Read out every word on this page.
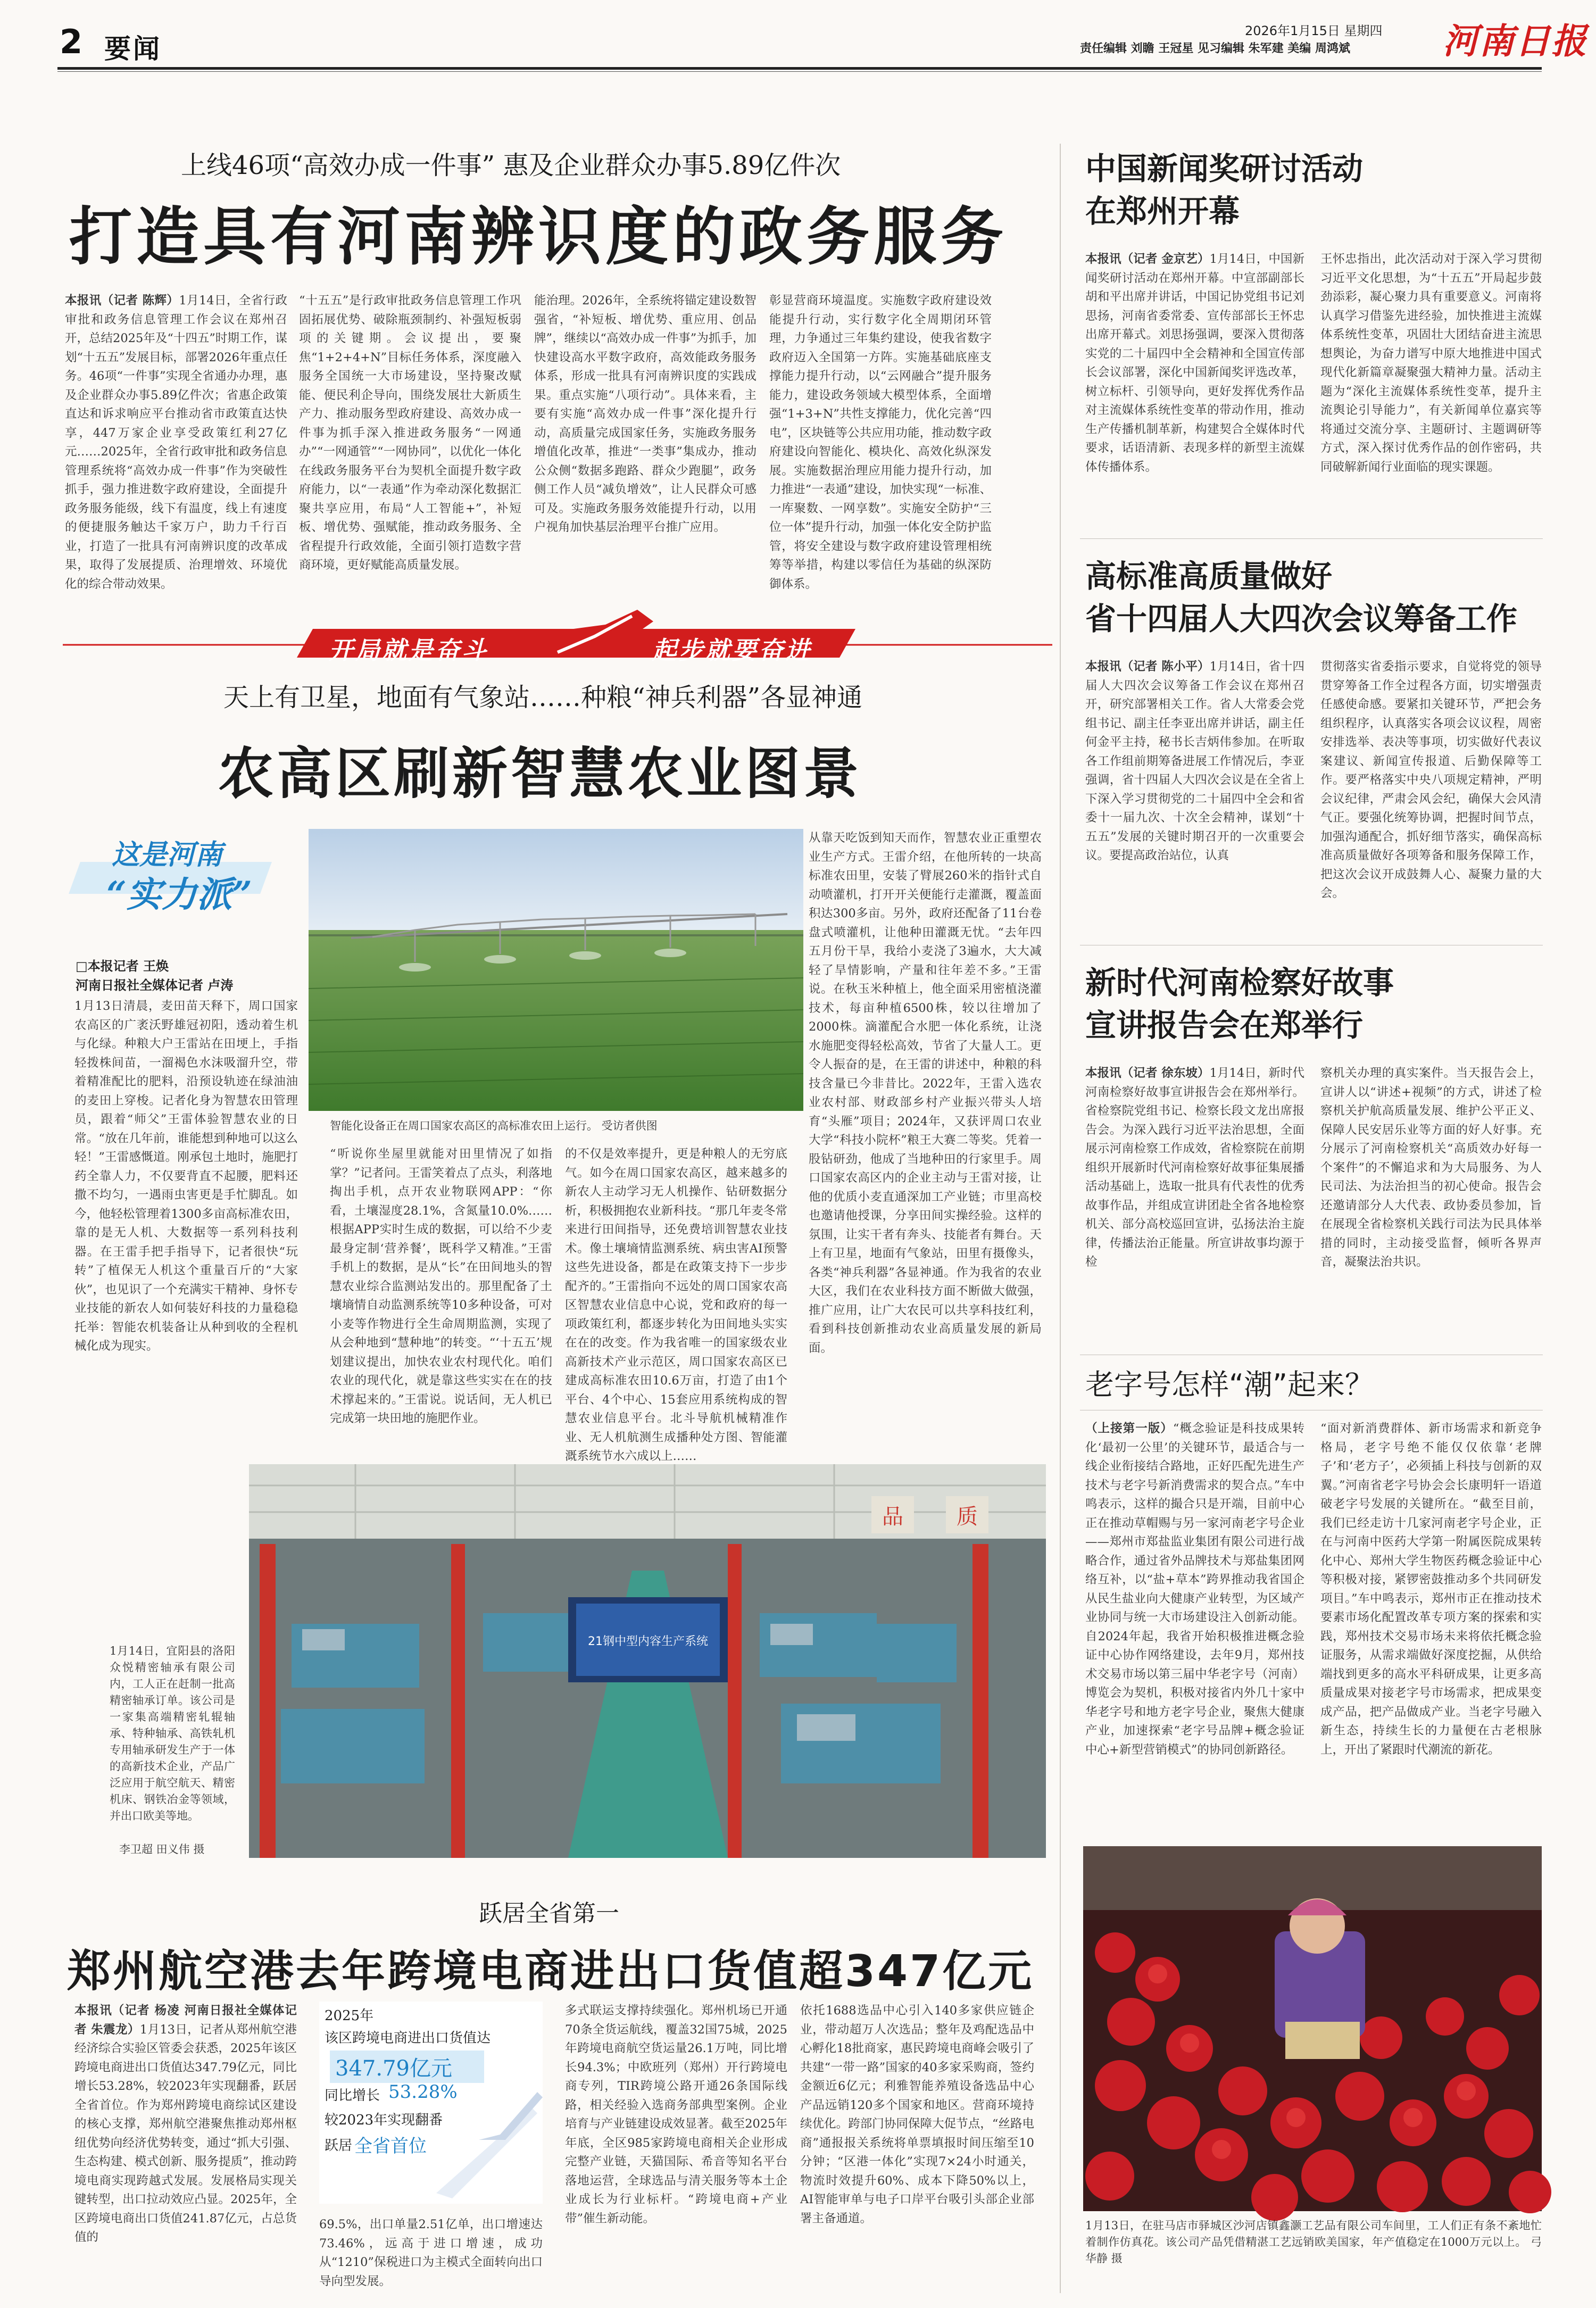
2 要闻
2026年1月15日 星期四
责任编辑 刘瞻 王冠星 见习编辑 朱军建 美编 周鸿斌	河南日报
上线46项“高效办成一件事” 惠及企业群众办事5.89亿件次
打造具有河南辨识度的政务服务
本报讯（记者 陈辉）1月14日，全省行政审批和政务信息管理工作会议在郑州召开，总结2025年及“十四五”时期工作，谋划“十五五”发展目标，部署2026年重点任务。46项“一件事”实现全省通办办理，惠及企业群众办事5.89亿件次；省惠企政策直达和诉求响应平台推动省市政策直达快享，447万家企业享受政策红利27亿元……2025年，全省行政审批和政务信息管理系统将“高效办成一件事”作为突破性抓手，强力推进数字政府建设，全面提升政务服务能级，线下有温度，线上有速度的便捷服务触达千家万户，助力千行百业，打造了一批具有河南辨识度的改革成果，取得了发展提质、治理增效、环境优化的综合带动效果。
“十五五”是行政审批政务信息管理工作巩固拓展优势、破除瓶颈制约、补强短板弱项的关键期。会议提出，要聚焦“1+2+4+N”目标任务体系，深度融入服务全国统一大市场建设，坚持聚改赋能、便民利企导向，围绕发展壮大新质生产力、推动服务型政府建设、高效办成一件事为抓手深入推进政务服务“一网通办”“一网通管”“一网协同”，以优化一体化在线政务服务平台为契机全面提升数字政府能力，以“一表通”作为牵动深化数据汇聚共享应用，布局“人工智能+”，补短板、增优势、强赋能，推动政务服务、全省程提升行政效能，全面引领打造数字营商环境，更好赋能高质量发展。
能治理。2026年，全系统将锚定建设数智强省，“补短板、增优势、重应用、创品牌”，继续以“高效办成一件事”为抓手，加快建设高水平数字政府，高效能政务服务体系，形成一批具有河南辨识度的实践成果。重点实施“八项行动”。具体来看，主要有实施“高效办成一件事”深化提升行动，高质量完成国家任务，实施政务服务增值化改革，推进“一类事”集成办，推动公众侧“数据多跑路、群众少跑腿”，政务侧工作人员“减负增效”，让人民群众可感可及。实施政务服务效能提升行动，以用户视角加快基层治理平台推广应用。
彰显营商环境温度。实施数字政府建设效能提升行动，实行数字化全周期闭环管理，力争通过三年集约建设，使我省数字政府迈入全国第一方阵。实施基础底座支撑能力提升行动，以“云网融合”提升服务能力，建设政务领域大模型体系，全面增强“1+3+N”共性支撑能力，优化完善“四电”，区块链等公共应用功能，推动数字政府建设向智能化、模块化、高效化纵深发展。实施数据治理应用能力提升行动，加力推进“一表通”建设，加快实现“一标准、一库聚数、一网享数”。实施安全防护“三位一体”提升行动，加强一体化安全防护监管，将安全建设与数字政府建设管理相统筹等举措，构建以零信任为基础的纵深防御体系。
开局就是奋斗	起步就要奋进
天上有卫星，地面有气象站……种粮“神兵利器”各显神通
农高区刷新智慧农业图景
这是河南
“实力派”
□本报记者 王焕
河南日报社全媒体记者 卢涛
智能化设备正在周口国家农高区的高标准农田上运行。 受访者供图
1月13日清晨，麦田苗天释下，周口国家农高区的广袤沃野雄冠初阳，透动着生机与化绿。种粮大户王雷站在田埂上，手指轻拨株间苗，一溜褐色水沫吸溜升空，带着精准配比的肥料，沿预设轨迹在绿油油的麦田上穿梭。记者化身为智慧农田管理员，跟着“师父”王雷体验智慧农业的日常。“放在几年前，谁能想到种地可以这么轻！”王雷感慨道。刚承包土地时，施肥打药全靠人力，不仅要背直不起腰，肥料还撒不均匀，一遇雨虫害更是手忙脚乱。如今，他轻松管理着1300多亩高标准农田，靠的是无人机、大数据等一系列科技利器。在王雷手把手指导下，记者很快“玩转”了植保无人机这个重量百斤的“大家伙”，也见识了一个充满实干精神、身怀专业技能的新农人如何装好科技的力量稳稳托举：智能农机装备让从种到收的全程机械化成为现实。
“听说你坐屋里就能对田里情况了如指掌？”记者问。王雷笑着点了点头，利落地掏出手机，点开农业物联网APP：“你看，土壤湿度28.1%，含氮量10.0%……根据APP实时生成的数据，可以给不少麦最身定制‘营养餐’，既科学又精准。”王雷手机上的数据，是从“长”在田间地头的智慧农业综合监测站发出的。那里配备了土壤墒情自动监测系统等10多种设备，可对小麦等作物进行全生命周期监测，实现了从会种地到“慧种地”的转变。“‘十五五’规划建议提出，加快农业农村现代化。咱们农业的现代化，就是靠这些实实在在的技术撑起来的。”王雷说。说话间，无人机已完成第一块田地的施肥作业。
的不仅是效率提升，更是种粮人的无穷底气。如今在周口国家农高区，越来越多的新农人主动学习无人机操作、钻研数据分析，积极拥抱农业新科技。“那几年麦冬常来进行田间指导，还免费培训智慧农业技术。像土壤墒情监测系统、病虫害AI预警这些先进设备，都是在政策支持下一步步配齐的。”王雷指向不远处的周口国家农高区智慧农业信息中心说，党和政府的每一项政策红利，都逐步转化为田间地头实实在在的改变。作为我省唯一的国家级农业高新技术产业示范区，周口国家农高区已建成高标准农田10.6万亩，打造了由1个平台、4个中心、15套应用系统构成的智慧农业信息平台。北斗导航机械精准作业、无人机航测生成播种处方图、智能灌溉系统节水六成以上……
从靠天吃饭到知天而作，智慧农业正重塑农业生产方式。王雷介绍，在他所转的一块高标准农田里，安装了臂展260米的指针式自动喷灌机，打开开关便能行走灌溉，覆盖面积达300多亩。另外，政府还配备了11台卷盘式喷灌机，让他种田灌溉无忧。“去年四五月份干旱，我给小麦浇了3遍水，大大减轻了旱情影响，产量和往年差不多。”王雷说。在秋玉米种植上，他全面采用密植浇灌技术，每亩种植6500株，较以往增加了2000株。滴灌配合水肥一体化系统，让浇水施肥变得轻松高效，节省了大量人工。更令人振奋的是，在王雷的讲述中，种粮的科技含量已今非昔比。2022年，王雷入选农业农村部、财政部乡村产业振兴带头人培育“头雁”项目；2024年，又获评周口农业大学“科技小院杯”粮王大赛二等奖。凭着一股钻研劲，他成了当地种田的行家里手。周口国家农高区内的企业主动与王雷对接，让他的优质小麦直通深加工产业链；市里高校也邀请他授课，分享田间实操经验。这样的氛围，让实干者有奔头、技能者有舞台。天上有卫星，地面有气象站，田里有摄像头，各类“神兵利器”各显神通。作为我省的农业大区，我们在农业科技方面不断做大做强，推广应用，让广大农民可以共享科技红利，看到科技创新推动农业高质量发展的新局面。
21钢中型内容生产系统
品	质
1月14日，宜阳县的洛阳众悦精密轴承有限公司内，工人正在赶制一批高精密轴承订单。该公司是一家集高端精密轧辊轴承、特种轴承、高铁轧机专用轴承研发生产于一体的高新技术企业，产品广泛应用于航空航天、精密机床、钢铁冶金等领域，并出口欧美等地。
李卫超 田义伟 摄
跃居全省第一
郑州航空港去年跨境电商进出口货值超347亿元
本报讯（记者 杨凌 河南日报社全媒体记者 朱震龙）1月13日，记者从郑州航空港经济综合实验区管委会获悉，2025年该区跨境电商进出口货值达347.79亿元，同比增长53.28%，较2023年实现翻番，跃居全省首位。作为郑州跨境电商综试区建设的核心支撑，郑州航空港聚焦推动郑州枢纽优势向经济优势转变，通过“抓大引强、生态构建、模式创新、服务提质”，推动跨境电商实现跨越式发展。发展格局实现关键转型，出口拉动效应凸显。2025年，全区跨境电商出口货值241.87亿元，占总货值的
2025年
该区跨境电商进出口货值达
347.79亿元
同比增长 53.28%
较2023年实现翻番
跃居 全省首位
69.5%，出口单量2.51亿单，出口增速达73.46%，远高于进口增速，成功从“1210”保税进口为主模式全面转向出口导向型发展。
多式联运支撑持续强化。郑州机场已开通70条全货运航线，覆盖32国75城，2025年跨境电商航空货运量26.1万吨，同比增长94.3%；中欧班列（郑州）开行跨境电商专列，TIR跨境公路开通26条国际线路，相关经验入选商务部典型案例。企业培育与产业链建设成效显著。截至2025年年底，全区985家跨境电商相关企业形成完整产业链，天猫国际、希音等知名平台落地运营，全球选品与清关服务等本土企业成长为行业标杆。“跨境电商+产业带”催生新动能。
依托1688选品中心引入140多家供应链企业，带动超万人次选品；整年及鸡配选品中心孵化18批商家，惠民跨境电商峰会吸引了共建“一带一路”国家的40多家采购商，签约金额近6亿元；利雅智能养殖设备选品中心产品远销120多个国家和地区。营商环境持续优化。跨部门协同保障大促节点，“丝路电商”通报报关系统将单票填报时间压缩至10分钟；“区港一体化”实现7×24小时通关，物流时效提升60%、成本下降50%以上，AI智能审单与电子口岸平台吸引头部企业部署主备通道。
中国新闻奖研讨活动
在郑州开幕
本报讯（记者 金京艺）1月14日，中国新闻奖研讨活动在郑州开幕。中宣部副部长胡和平出席并讲话，中国记协党组书记刘思扬，河南省委常委、宣传部部长王怀忠出席开幕式。刘思扬强调，要深入贯彻落实党的二十届四中全会精神和全国宣传部长会议部署，深化中国新闻奖评选改革，树立标杆、引领导向，更好发挥优秀作品对主流媒体系统性变革的带动作用，推动生产传播机制革新，构建契合全媒体时代要求，话语清新、表现多样的新型主流媒体传播体系。
王怀忠指出，此次活动对于深入学习贯彻习近平文化思想，为“十五五”开局起步鼓劲添彩，凝心聚力具有重要意义。河南将认真学习借鉴先进经验，加快推进主流媒体系统性变革，巩固壮大团结奋进主流思想舆论，为奋力谱写中原大地推进中国式现代化新篇章凝聚强大精神力量。活动主题为“深化主流媒体系统性变革，提升主流舆论引导能力”，有关新闻单位嘉宾等将通过交流分享、主题研讨、主题调研等方式，深入探讨优秀作品的创作密码，共同破解新闻行业面临的现实课题。
高标准高质量做好
省十四届人大四次会议筹备工作
本报讯（记者 陈小平）1月14日，省十四届人大四次会议筹备工作会议在郑州召开，研究部署相关工作。省人大常委会党组书记、副主任李亚出席并讲话，副主任何金平主持，秘书长吉炳伟参加。在听取各工作组前期筹备进展工作情况后，李亚强调，省十四届人大四次会议是在全省上下深入学习贯彻党的二十届四中全会和省委十一届九次、十次全会精神，谋划“十五五”发展的关键时期召开的一次重要会议。要提高政治站位，认真
贯彻落实省委指示要求，自觉将党的领导贯穿筹备工作全过程各方面，切实增强责任感使命感。要紧扣关键环节，严把会务组织程序，认真落实各项会议议程，周密安排选举、表决等事项，切实做好代表议案建议、新闻宣传报道、后勤保障等工作。要严格落实中央八项规定精神，严明会议纪律，严肃会风会纪，确保大会风清气正。要强化统筹协调，把握时间节点，加强沟通配合，抓好细节落实，确保高标准高质量做好各项筹备和服务保障工作，把这次会议开成鼓舞人心、凝聚力量的大会。
新时代河南检察好故事
宣讲报告会在郑举行
本报讯（记者 徐东坡）1月14日，新时代河南检察好故事宣讲报告会在郑州举行。省检察院党组书记、检察长段文龙出席报告会。为深入践行习近平法治思想，全面展示河南检察工作成效，省检察院在前期组织开展新时代河南检察好故事征集展播活动基础上，选取一批具有代表性的优秀故事作品，并组成宣讲团赴全省各地检察机关、部分高校巡回宣讲，弘扬法治主旋律，传播法治正能量。所宣讲故事均源于检
察机关办理的真实案件。当天报告会上，宣讲人以“讲述+视频”的方式，讲述了检察机关护航高质量发展、维护公平正义、保障人民安居乐业等方面的好人好事。充分展示了河南检察机关“高质效办好每一个案件”的不懈追求和为大局服务、为人民司法、为法治担当的初心使命。报告会还邀请部分人大代表、政协委员参加，旨在展现全省检察机关践行司法为民具体举措的同时，主动接受监督，倾听各界声音，凝聚法治共识。
老字号怎样“潮”起来？
（上接第一版）“概念验证是科技成果转化‘最初一公里’的关键环节，最适合与一线企业衔接结合路地，正好匹配先进生产技术与老字号新消费需求的契合点。”车中鸣表示，这样的撮合只是开端，目前中心正在推动草帽赐与另一家河南老字号企业——郑州市郑盐监业集团有限公司进行战略合作，通过省外品牌技术与郑盐集团网络互补，以“盐+草本”跨界推动我省国企从民生盐业向大健康产业转型，为区域产业协同与统一大市场建设注入创新动能。自2024年起，我省开始积极推进概念验证中心协作网络建设，去年9月，郑州技术交易市场以第三届中华老字号（河南）博览会为契机，积极对接省内外几十家中华老字号和地方老字号企业，聚焦大健康产业，加速探索“老字号品牌+概念验证中心+新型营销模式”的协同创新路径。
“面对新消费群体、新市场需求和新竞争格局，老字号绝不能仅仅依靠‘老牌子’和‘老方子’，必须插上科技与创新的双翼。”河南省老字号协会会长康明轩一语道破老字号发展的关键所在。“截至目前，我们已经走访十几家河南老字号企业，正在与河南中医药大学第一附属医院成果转化中心、郑州大学生物医药概念验证中心等积极对接，紧锣密鼓推动多个共同研发项目。”车中鸣表示，郑州市正在推动技术要素市场化配置改革专项方案的探索和实践，郑州技术交易市场未来将依托概念验证服务，从需求端做好深度挖掘，从供给端找到更多的高水平科研成果，让更多高质量成果对接老字号市场需求，把成果变成产品，把产品做成产业。当老字号融入新生态，持续生长的力量便在古老根脉上，开出了紧跟时代潮流的新花。
1月13日，在驻马店市驿城区沙河店镇鑫灏工艺品有限公司车间里，工人们正有条不紊地忙着制作仿真花。该公司产品凭借精湛工艺远销欧美国家，年产值稳定在1000万元以上。 弓华静 摄
